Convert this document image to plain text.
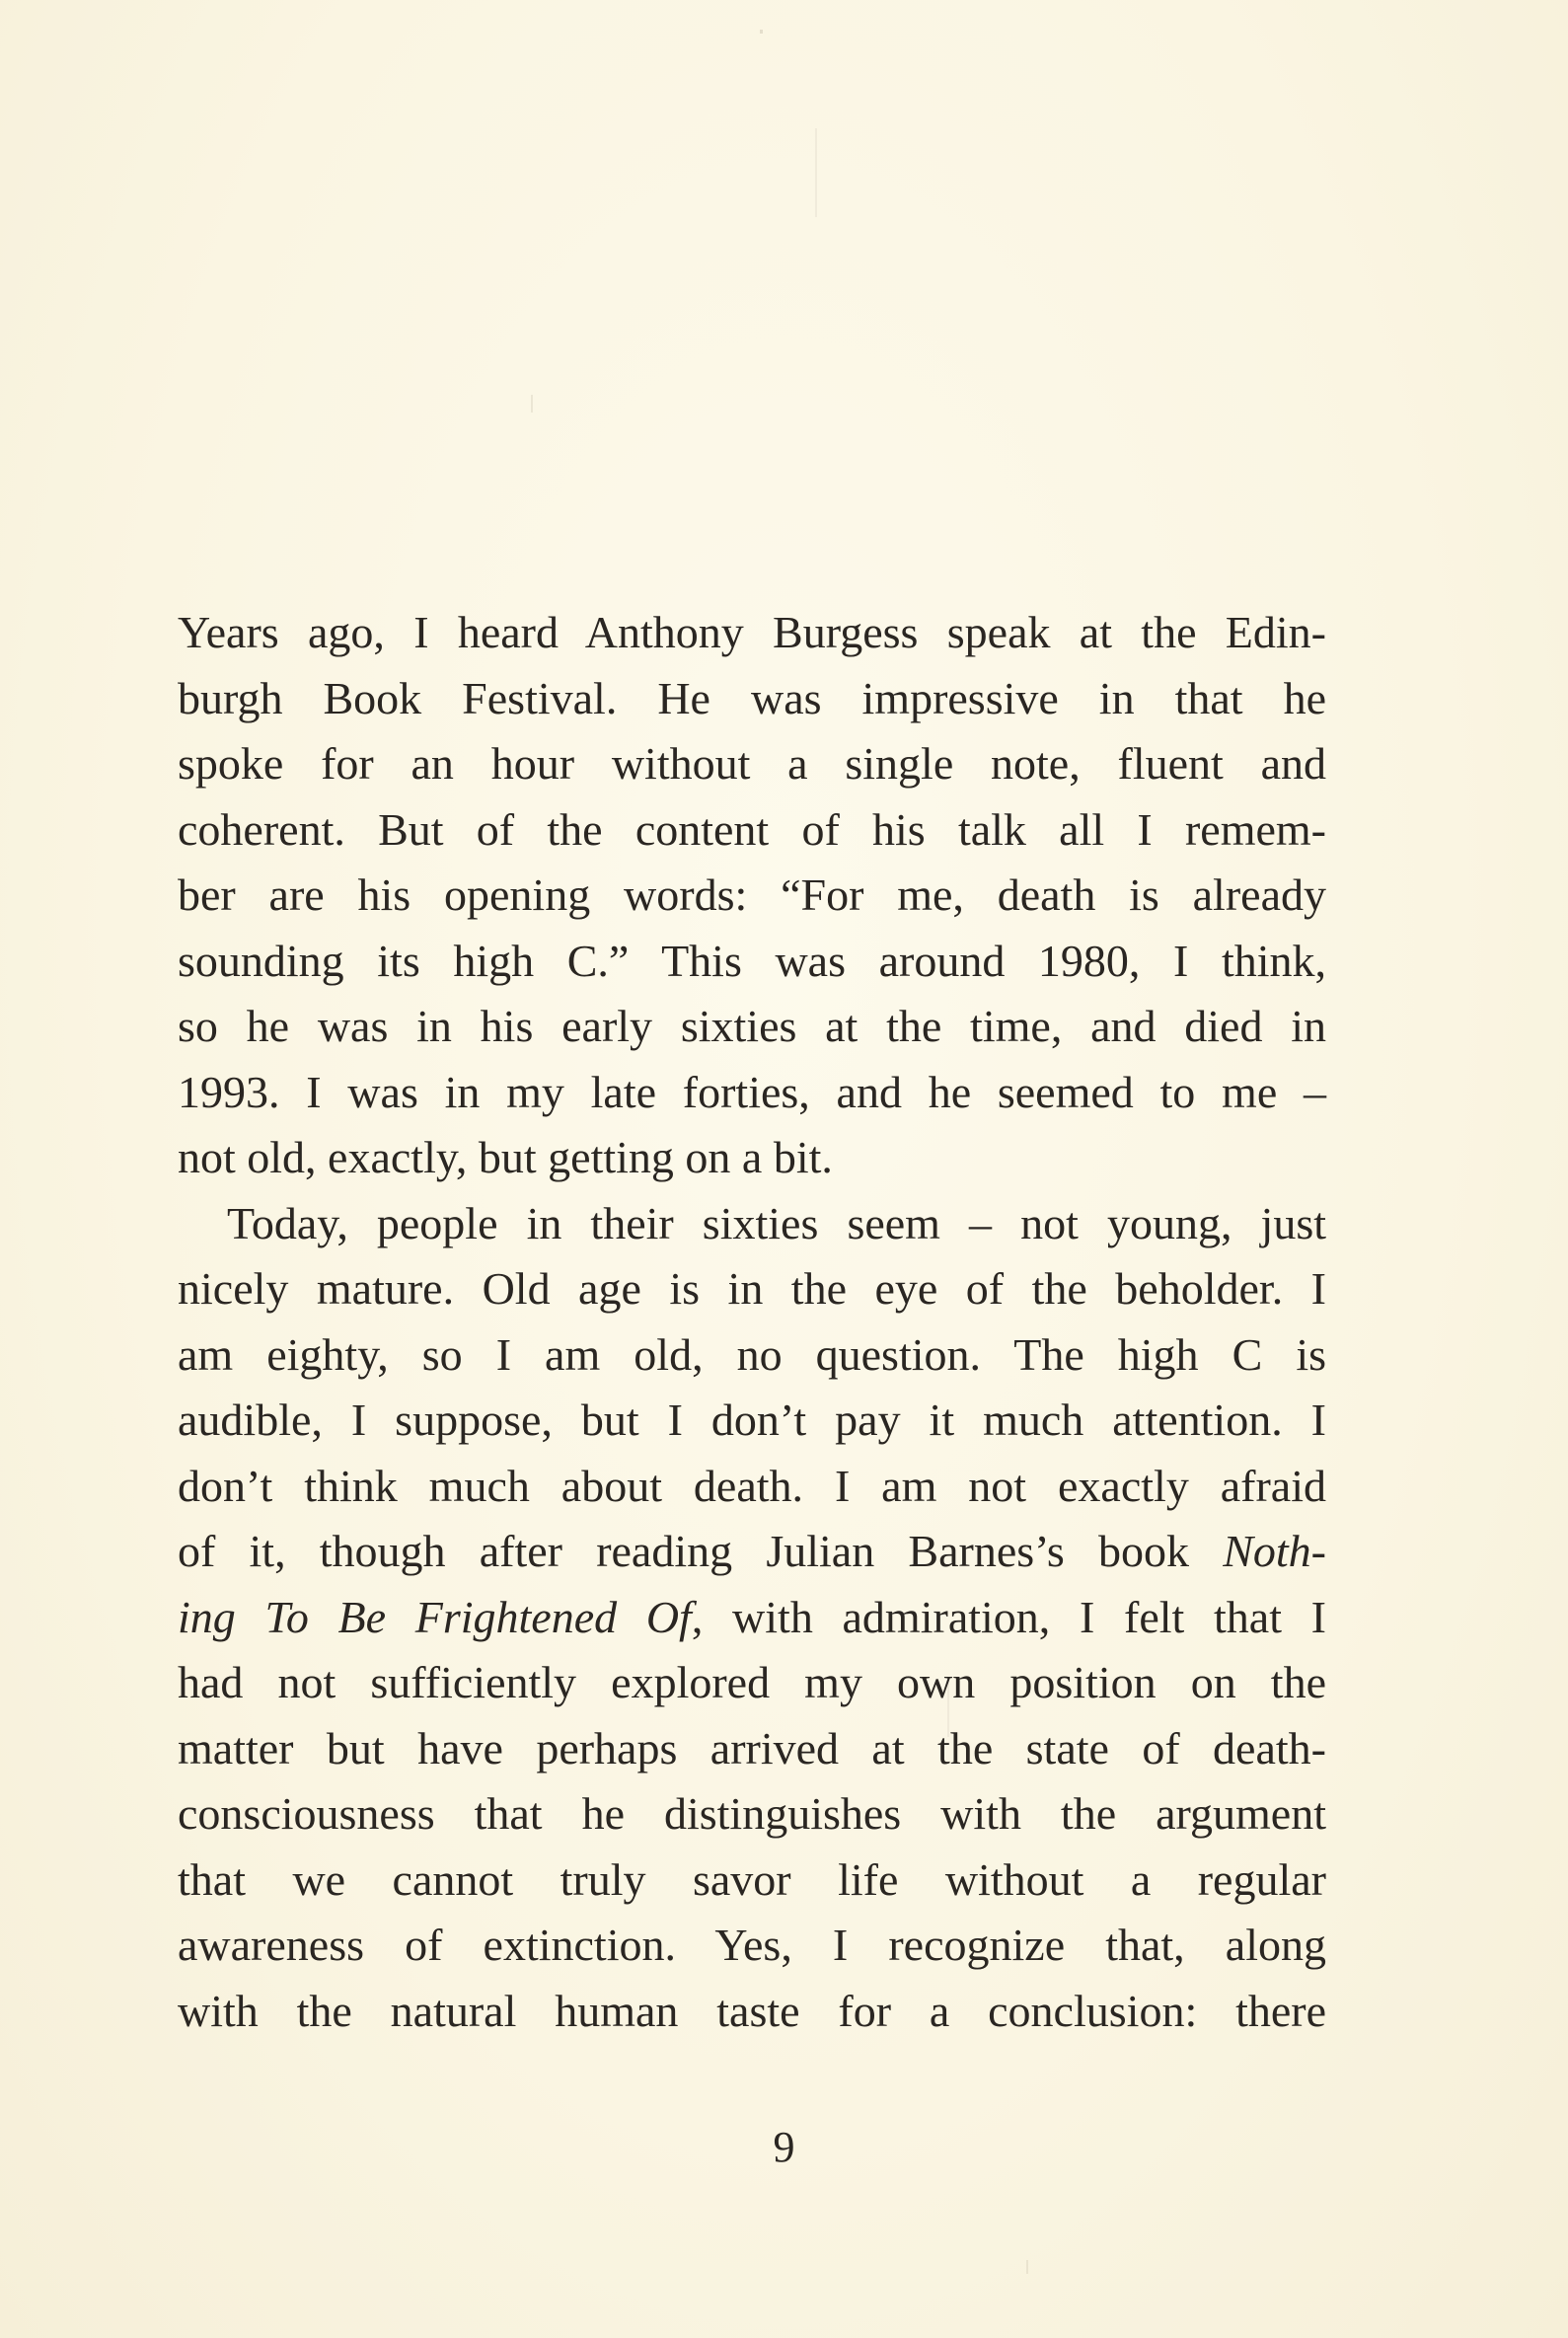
Years ago, I heard Anthony Burgess speak at the Edin-
burgh Book Festival. He was impressive in that he
spoke for an hour without a single note, fluent and
coherent. But of the content of his talk all I remem-
ber are his opening words: “For me, death is already
sounding its high C.” This was around 1980, I think,
so he was in his early sixties at the time, and died in
1993. I was in my late forties, and he seemed to me –
not old, exactly, but getting on a bit.
Today, people in their sixties seem – not young, just
nicely mature. Old age is in the eye of the beholder. I
am eighty, so I am old, no question. The high C is
audible, I suppose, but I don’t pay it much attention. I
don’t think much about death. I am not exactly afraid
of it, though after reading Julian Barnes’s book Noth-
ing To Be Frightened Of, with admiration, I felt that I
had not sufficiently explored my own position on the
matter but have perhaps arrived at the state of death-
consciousness that he distinguishes with the argument
that we cannot truly savor life without a regular
awareness of extinction. Yes, I recognize that, along
with the natural human taste for a conclusion: there
9
